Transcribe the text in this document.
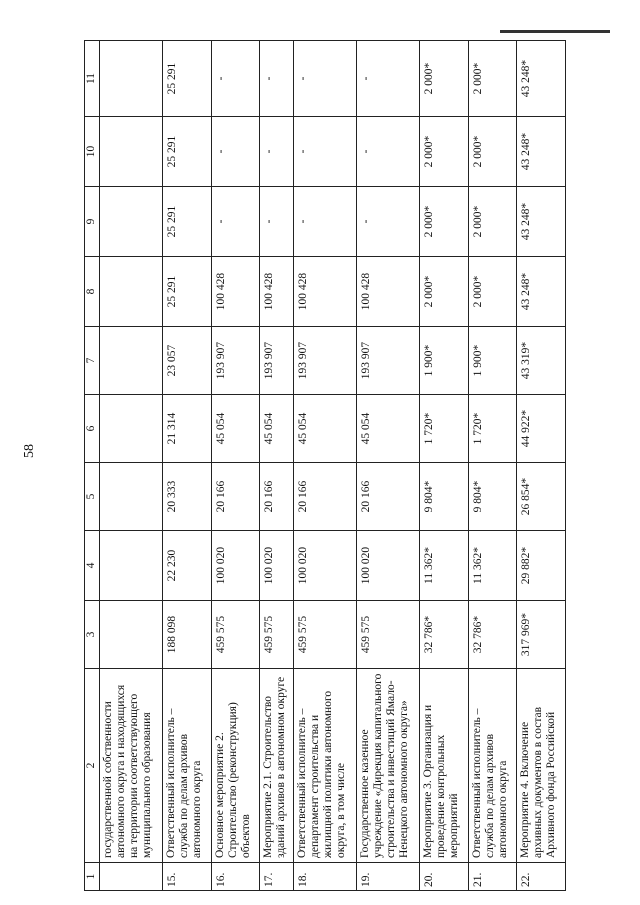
58
1	2	3	4	5	6	7	8	9	10	11
	государственной собственности автономного округа и находящихся на территории соответствующего муниципального образования									
15.	Ответственный исполнитель – служба по делам архивов автономного округа	188 098	22 230	20 333	21 314	23 057	25 291	25 291	25 291	25 291
16.	Основное мероприятие 2. Строительство (реконструкция) объектов	459 575	100 020	20 166	45 054	193 907	100 428	-	-	-
17.	Мероприятие 2.1. Строительство зданий архивов в автономном округе	459 575	100 020	20 166	45 054	193 907	100 428	-	-	-
18.	Ответственный исполнитель – департамент строительства и жилищной политики автономного округа, в том числе	459 575	100 020	20 166	45 054	193 907	100 428	-	-	-
19.	Государственное казенное учреждение «Дирекция капитального строительства и инвестиций Ямало-Ненецкого автономного округа»	459 575	100 020	20 166	45 054	193 907	100 428	-	-	-
20.	Мероприятие 3. Организация и проведение контрольных мероприятий	32 786*	11 362*	9 804*	1 720*	1 900*	2 000*	2 000*	2 000*	2 000*
21.	Ответственный исполнитель – служба по делам архивов автономного округа	32 786*	11 362*	9 804*	1 720*	1 900*	2 000*	2 000*	2 000*	2 000*
22.	Мероприятие 4. Включение архивных документов в состав Архивного фонда Российской	317 969*	29 882*	26 854*	44 922*	43 319*	43 248*	43 248*	43 248*	43 248*
